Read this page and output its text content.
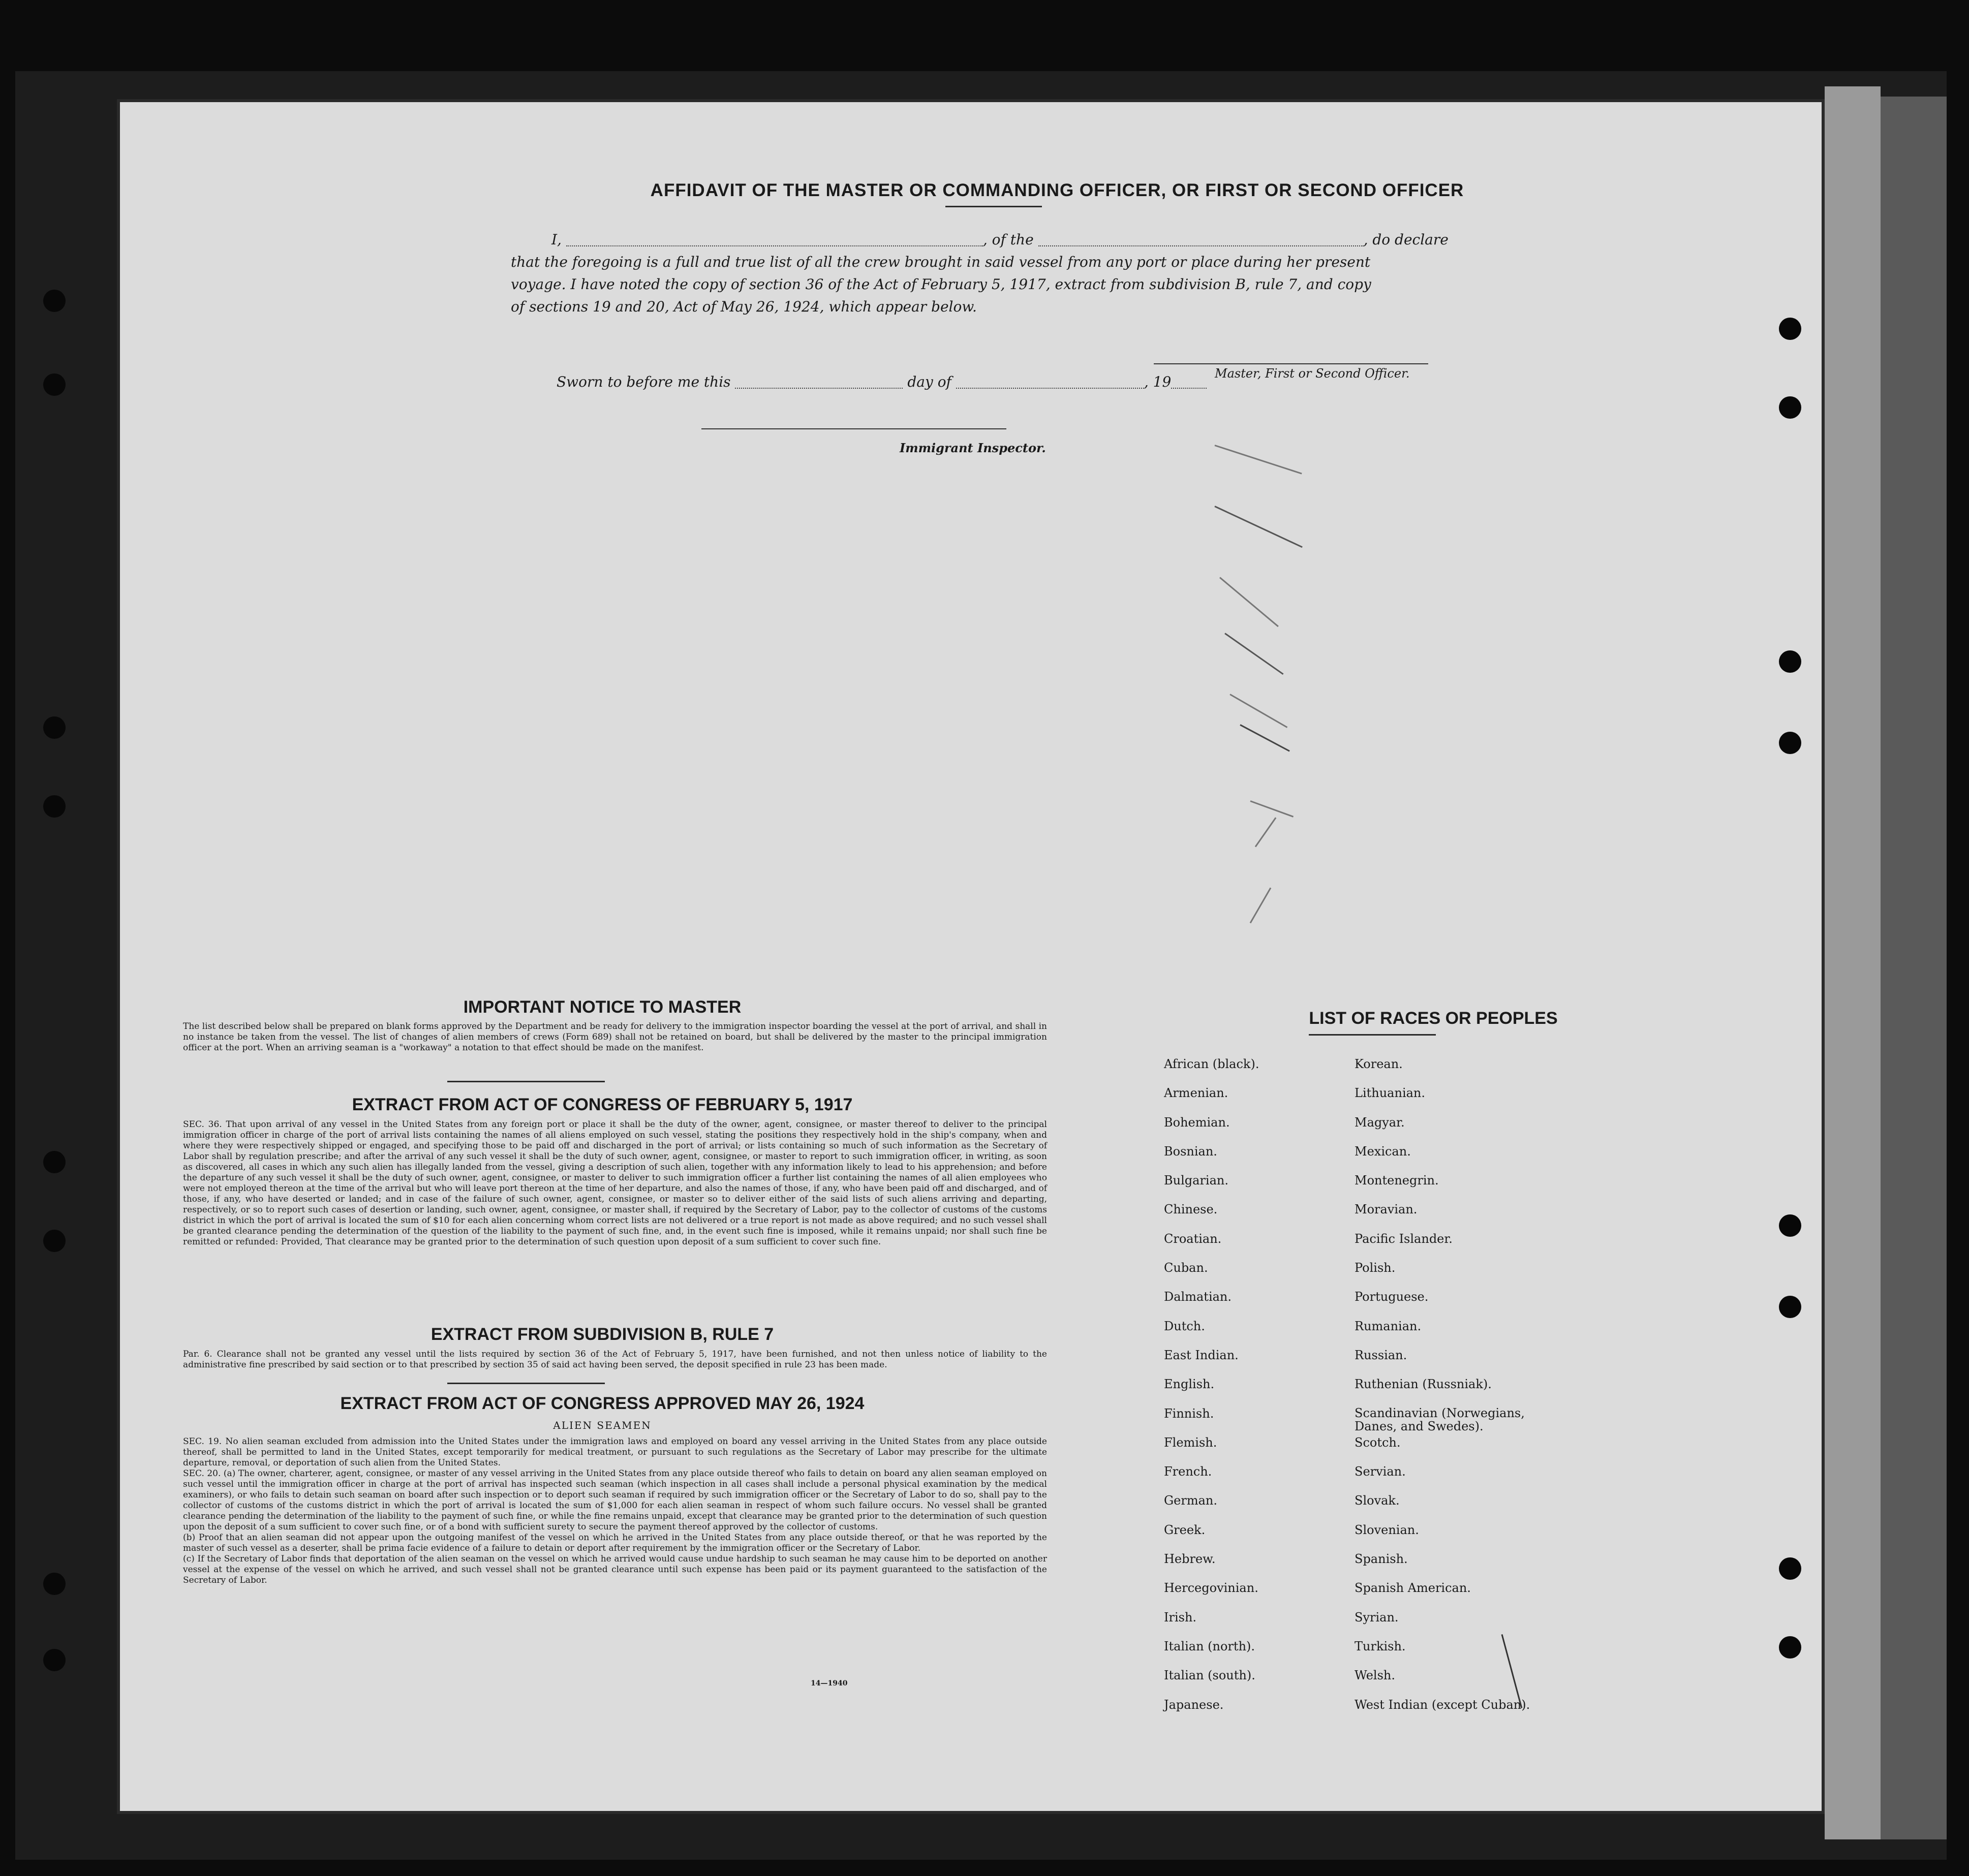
AFFIDAVIT OF THE MASTER OR COMMANDING OFFICER, OR FIRST OR SECOND OFFICER
I,	, of the	, do declare
that the foregoing is a full and true list of all the crew brought in said vessel from any port or place during her present
voyage. I have noted the copy of section 36 of the Act of February 5, 1917, extract from subdivision B, rule 7, and copy
of sections 19 and 20, Act of May 26, 1924, which appear below.
Master, First or Second Officer.
Sworn to before me this	day of	, 19
Immigrant Inspector.
IMPORTANT NOTICE TO MASTER
The list described below shall be prepared on blank forms approved by the Department and be ready for delivery to the immigration inspector boarding the vessel at the port of arrival, and shall in no instance be taken from the vessel. The list of changes of alien members of crews (Form 689) shall not be retained on board, but shall be delivered by the master to the principal immigration officer at the port. When an arriving seaman is a "workaway" a notation to that effect should be made on the manifest.
EXTRACT FROM ACT OF CONGRESS OF FEBRUARY 5, 1917
SEC. 36. That upon arrival of any vessel in the United States from any foreign port or place it shall be the duty of the owner, agent, consignee, or master thereof to deliver to the principal immigration officer in charge of the port of arrival lists containing the names of all aliens employed on such vessel, stating the positions they respectively hold in the ship's company, when and where they were respectively shipped or engaged, and specifying those to be paid off and discharged in the port of arrival; or lists containing so much of such information as the Secretary of Labor shall by regulation prescribe; and after the arrival of any such vessel it shall be the duty of such owner, agent, consignee, or master to report to such immigration officer, in writing, as soon as discovered, all cases in which any such alien has illegally landed from the vessel, giving a description of such alien, together with any information likely to lead to his apprehension; and before the departure of any such vessel it shall be the duty of such owner, agent, consignee, or master to deliver to such immigration officer a further list containing the names of all alien employees who were not employed thereon at the time of the arrival but who will leave port thereon at the time of her departure, and also the names of those, if any, who have been paid off and discharged, and of those, if any, who have deserted or landed; and in case of the failure of such owner, agent, consignee, or master so to deliver either of the said lists of such aliens arriving and departing, respectively, or so to report such cases of desertion or landing, such owner, agent, consignee, or master shall, if required by the Secretary of Labor, pay to the collector of customs of the customs district in which the port of arrival is located the sum of $10 for each alien concerning whom correct lists are not delivered or a true report is not made as above required; and no such vessel shall be granted clearance pending the determination of the question of the liability to the payment of such fine, and, in the event such fine is imposed, while it remains unpaid; nor shall such fine be remitted or refunded: Provided, That clearance may be granted prior to the determination of such question upon deposit of a sum sufficient to cover such fine.
EXTRACT FROM SUBDIVISION B, RULE 7
Par. 6. Clearance shall not be granted any vessel until the lists required by section 36 of the Act of February 5, 1917, have been furnished, and not then unless notice of liability to the administrative fine prescribed by said section or to that prescribed by section 35 of said act having been served, the deposit specified in rule 23 has been made.
EXTRACT FROM ACT OF CONGRESS APPROVED MAY 26, 1924
ALIEN SEAMEN
SEC. 19. No alien seaman excluded from admission into the United States under the immigration laws and employed on board any vessel arriving in the United States from any place outside thereof, shall be permitted to land in the United States, except temporarily for medical treatment, or pursuant to such regulations as the Secretary of Labor may prescribe for the ultimate departure, removal, or deportation of such alien from the United States.
SEC. 20. (a) The owner, charterer, agent, consignee, or master of any vessel arriving in the United States from any place outside thereof who fails to detain on board any alien seaman employed on such vessel until the immigration officer in charge at the port of arrival has inspected such seaman (which inspection in all cases shall include a personal physical examination by the medical examiners), or who fails to detain such seaman on board after such inspection or to deport such seaman if required by such immigration officer or the Secretary of Labor to do so, shall pay to the collector of customs of the customs district in which the port of arrival is located the sum of $1,000 for each alien seaman in respect of whom such failure occurs. No vessel shall be granted clearance pending the determination of the liability to the payment of such fine, or while the fine remains unpaid, except that clearance may be granted prior to the determination of such question upon the deposit of a sum sufficient to cover such fine, or of a bond with sufficient surety to secure the payment thereof approved by the collector of customs.
(b) Proof that an alien seaman did not appear upon the outgoing manifest of the vessel on which he arrived in the United States from any place outside thereof, or that he was reported by the master of such vessel as a deserter, shall be prima facie evidence of a failure to detain or deport after requirement by the immigration officer or the Secretary of Labor.
(c) If the Secretary of Labor finds that deportation of the alien seaman on the vessel on which he arrived would cause undue hardship to such seaman he may cause him to be deported on another vessel at the expense of the vessel on which he arrived, and such vessel shall not be granted clearance until such expense has been paid or its payment guaranteed to the satisfaction of the Secretary of Labor.
14—1940
LIST OF RACES OR PEOPLES
African (black).
Armenian.
Bohemian.
Bosnian.
Bulgarian.
Chinese.
Croatian.
Cuban.
Dalmatian.
Dutch.
East Indian.
English.
Finnish.
Flemish.
French.
German.
Greek.
Hebrew.
Hercegovinian.
Irish.
Italian (north).
Italian (south).
Japanese.
Korean.
Lithuanian.
Magyar.
Mexican.
Montenegrin.
Moravian.
Pacific Islander.
Polish.
Portuguese.
Rumanian.
Russian.
Ruthenian (Russniak).
Scandinavian (Norwegians,
Danes, and Swedes).
Scotch.
Servian.
Slovak.
Slovenian.
Spanish.
Spanish American.
Syrian.
Turkish.
Welsh.
West Indian (except Cuban).
